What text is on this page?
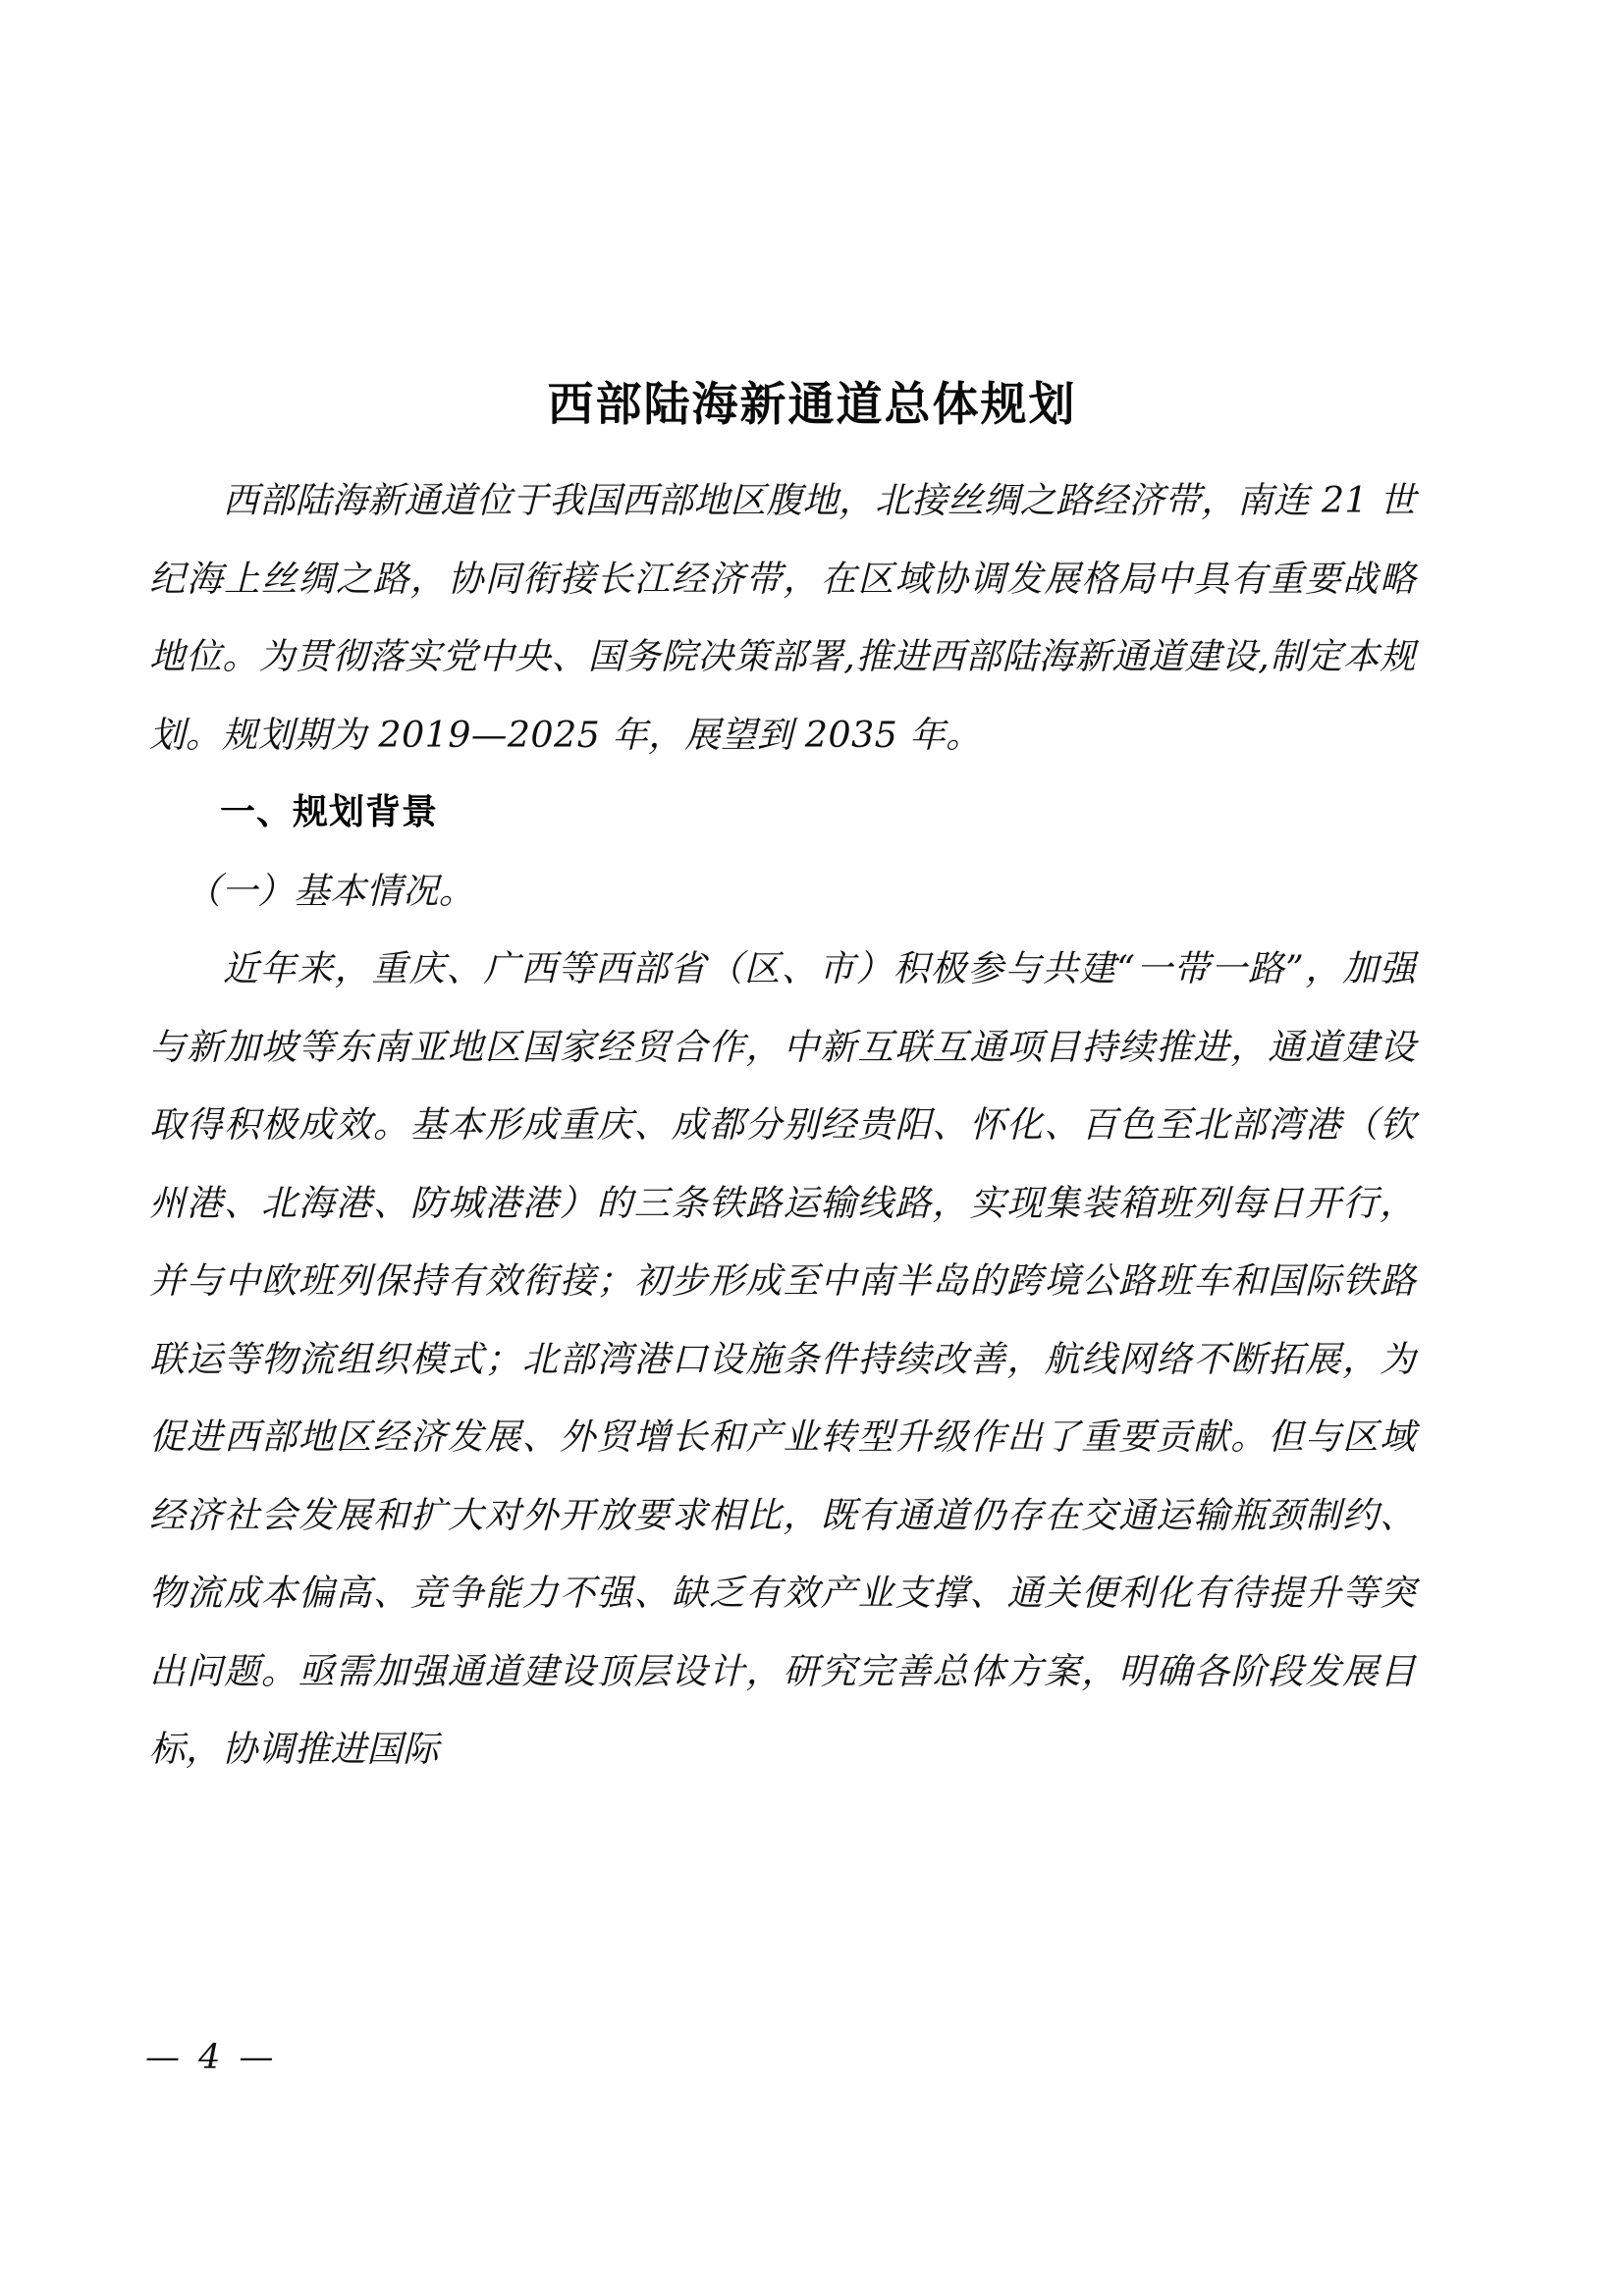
西部陆海新通道总体规划

西部陆海新通道位于我国西部地区腹地，北接丝绸之路经济带，南连 21 世纪海上丝绸之路，协同衔接长江经济带，在区域协调发展格局中具有重要战略地位。为贯彻落实党中央、国务院决策部署,推进西部陆海新通道建设,制定本规划。规划期为 2019—2025 年，展望到 2035 年。

一、规划背景

（一）基本情况。

近年来，重庆、广西等西部省（区、市）积极参与共建“一带一路”，加强与新加坡等东南亚地区国家经贸合作，中新互联互通项目持续推进，通道建设取得积极成效。基本形成重庆、成都分别经贵阳、怀化、百色至北部湾港（钦州港、北海港、防城港港）的三条铁路运输线路，实现集装箱班列每日开行，并与中欧班列保持有效衔接；初步形成至中南半岛的跨境公路班车和国际铁路联运等物流组织模式；北部湾港口设施条件持续改善，航线网络不断拓展，为促进西部地区经济发展、外贸增长和产业转型升级作出了重要贡献。但与区域经济社会发展和扩大对外开放要求相比，既有通道仍存在交通运输瓶颈制约、物流成本偏高、竞争能力不强、缺乏有效产业支撑、通关便利化有待提升等突出问题。亟需加强通道建设顶层设计，研究完善总体方案，明确各阶段发展目标，协调推进国际

— 4 —
